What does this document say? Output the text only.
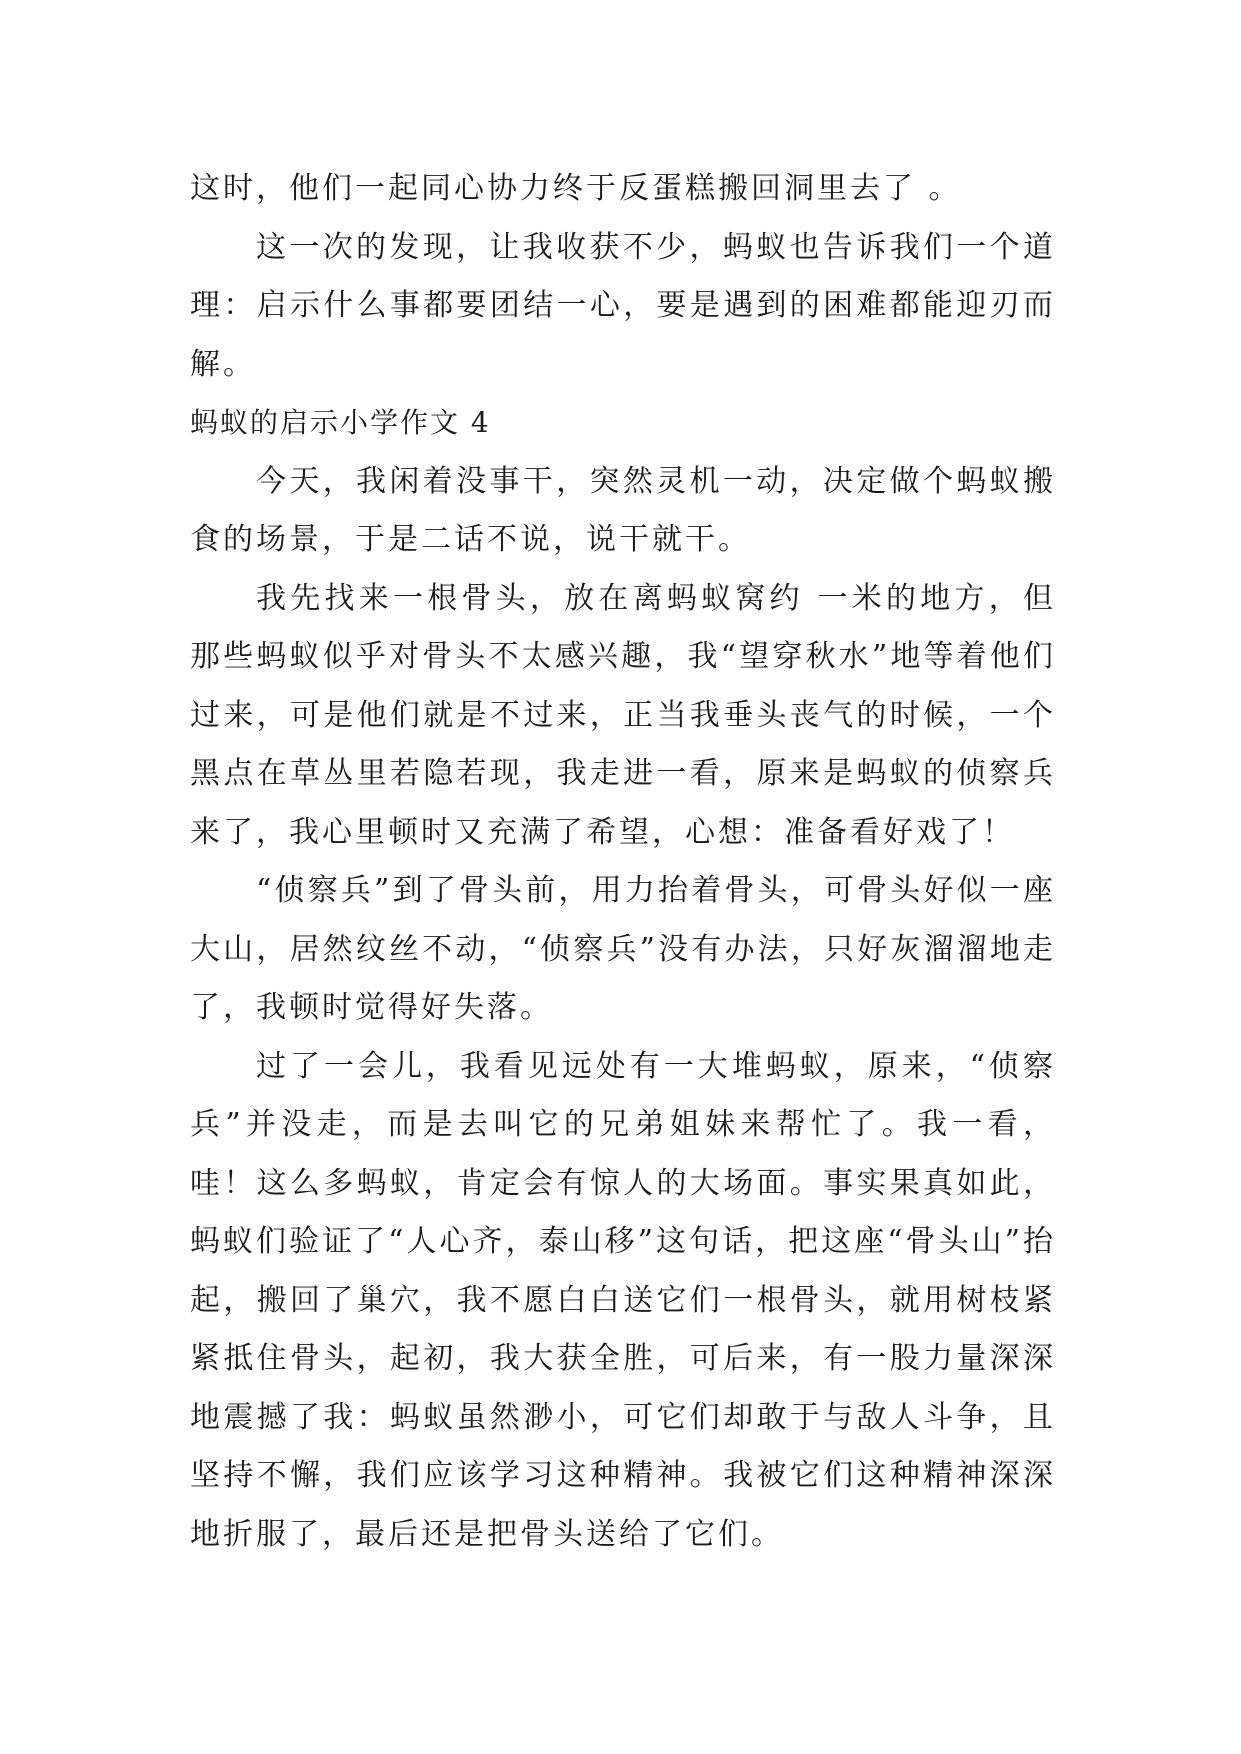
这时，他们一起同心协力终于反蛋糕搬回洞里去了 。

这一次的发现，让我收获不少，蚂蚁也告诉我们一个道理：启示什么事都要团结一心，要是遇到的困难都能迎刃而解。

蚂蚁的启示小学作文 4

今天，我闲着没事干，突然灵机一动，决定做个蚂蚁搬食的场景，于是二话不说，说干就干。

我先找来一根骨头，放在离蚂蚁窝约 一米的地方，但那些蚂蚁似乎对骨头不太感兴趣，我“望穿秋水”地等着他们过来，可是他们就是不过来，正当我垂头丧气的时候，一个黑点在草丛里若隐若现，我走进一看，原来是蚂蚁的侦察兵来了，我心里顿时又充满了希望，心想：准备看好戏了！

“侦察兵”到了骨头前，用力抬着骨头，可骨头好似一座大山，居然纹丝不动，“侦察兵”没有办法，只好灰溜溜地走了，我顿时觉得好失落。

过了一会儿，我看见远处有一大堆蚂蚁，原来，“侦察兵”并没走，而是去叫它的兄弟姐妹来帮忙了。我一看，哇！这么多蚂蚁，肯定会有惊人的大场面。事实果真如此，蚂蚁们验证了“人心齐，泰山移”这句话，把这座“骨头山”抬起，搬回了巢穴，我不愿白白送它们一根骨头，就用树枝紧紧抵住骨头，起初，我大获全胜，可后来，有一股力量深深地震撼了我：蚂蚁虽然渺小，可它们却敢于与敌人斗争，且坚持不懈，我们应该学习这种精神。我被它们这种精神深深地折服了，最后还是把骨头送给了它们。
